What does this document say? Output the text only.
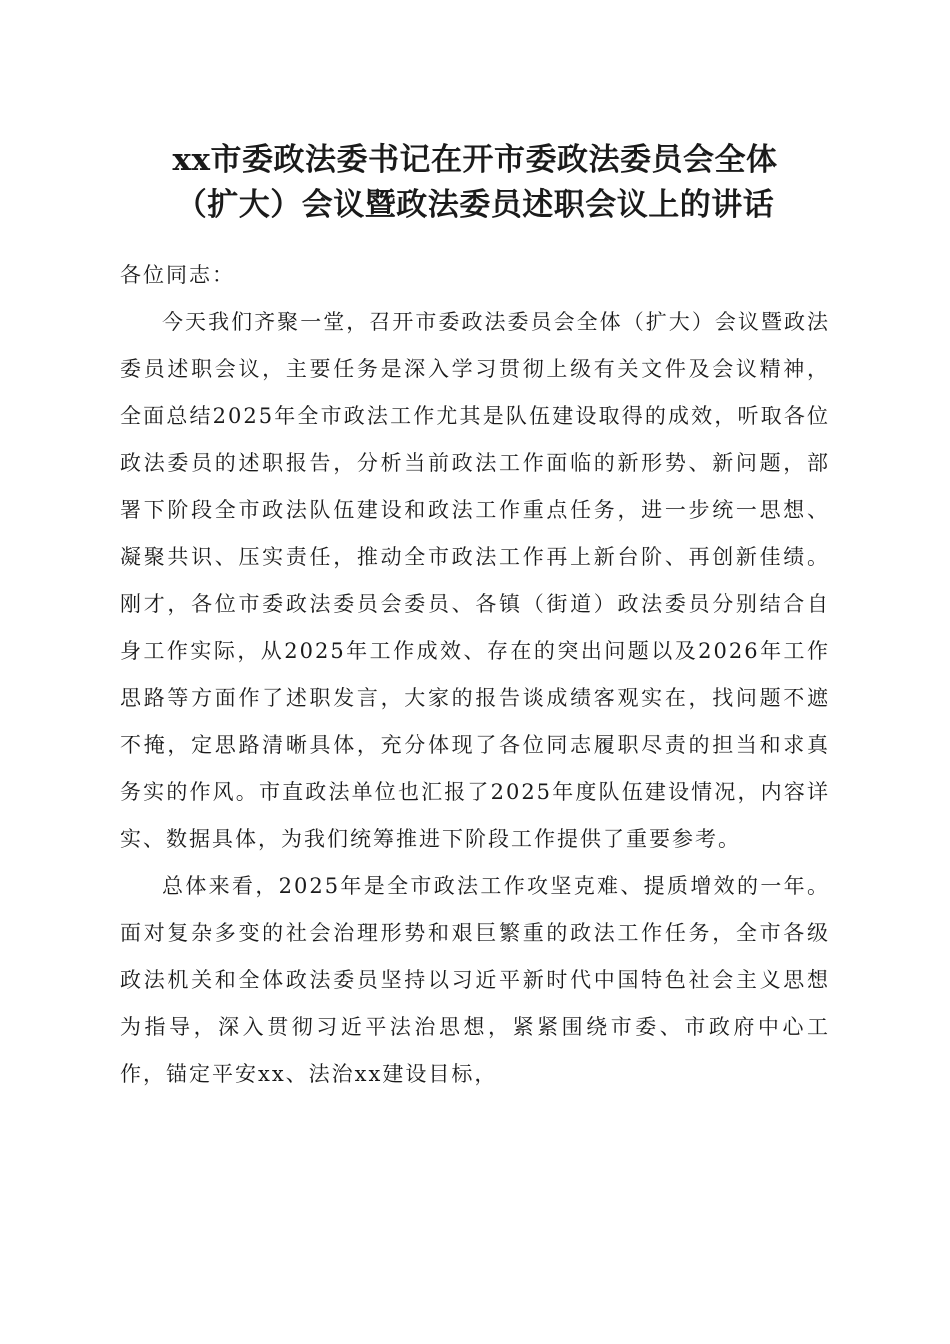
xx市委政法委书记在开市委政法委员会全体
（扩大）会议暨政法委员述职会议上的讲话

各位同志：

今天我们齐聚一堂，召开市委政法委员会全体（扩大）会议暨政法委员述职会议，主要任务是深入学习贯彻上级有关文件及会议精神，全面总结2025年全市政法工作尤其是队伍建设取得的成效，听取各位政法委员的述职报告，分析当前政法工作面临的新形势、新问题，部署下阶段全市政法队伍建设和政法工作重点任务，进一步统一思想、凝聚共识、压实责任，推动全市政法工作再上新台阶、再创新佳绩。刚才，各位市委政法委员会委员、各镇（街道）政法委员分别结合自身工作实际，从2025年工作成效、存在的突出问题以及2026年工作思路等方面作了述职发言，大家的报告谈成绩客观实在，找问题不遮不掩，定思路清晰具体，充分体现了各位同志履职尽责的担当和求真务实的作风。市直政法单位也汇报了2025年度队伍建设情况，内容详实、数据具体，为我们统筹推进下阶段工作提供了重要参考。

总体来看，2025年是全市政法工作攻坚克难、提质增效的一年。面对复杂多变的社会治理形势和艰巨繁重的政法工作任务，全市各级政法机关和全体政法委员坚持以习近平新时代中国特色社会主义思想为指导，深入贯彻习近平法治思想，紧紧围绕市委、市政府中心工作，锚定平安xx、法治xx建设目标，
